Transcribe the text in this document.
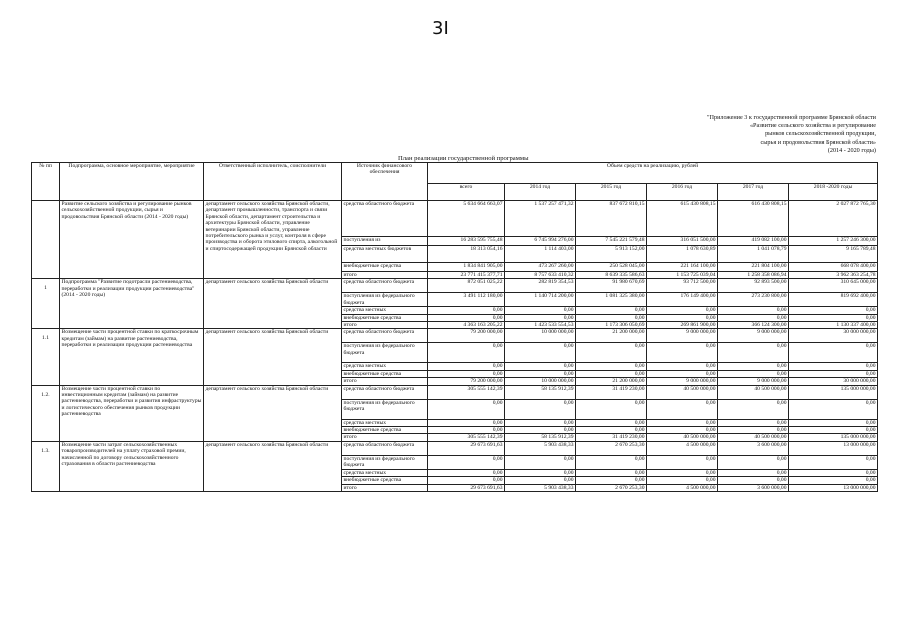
3I
"Приложение 3 к государственной программе Брянской области
«Развитие сельского хозяйства и регулирование
рынков сельскохозяйственной продукции,
сырья и продовольствия Брянской области»
(2014 - 2020 годы)
План реализации государственной программы
№ пп	Подпрограмма, основное мероприятие, мероприятие	Ответственный исполнитель, соисполнители	Источник финансового обеспечения	Объем средств на реализацию, рублей					
				всего	2014 год	2015 год	2016 год	2017 год	2018 -2020 годы
	Развитие сельского хозяйства и регулирование рынков сельскохозяйственной продукции, сырья и продовольствия Брянской области (2014 - 2020 годы)	департамент сельского хозяйства Брянской области, департамент промышленности, транспорта и связи Брянской области, департамент строительства и архитектуры Брянской области, управление ветеринарии Брянской области, управление потребительского рынка и услуг, контроля в сфере производства и оборота этилового спирта, алкогольной и спиртосодержащей продукции Брянской области	средства областного бюджета	5 634 664 663,07	1 537 257 471,32	837 672 810,15	615 430 808,15	616 430 808,15	2 027 872 765,30
			поступления из	16 283 595 755,48	6 745 994 276,00	7 545 221 579,48	316 051 500,00	419 082 100,00	1 257 246 300,00
			средства местных бюджетов	18 313 054,16	1 114 403,00	5 913 152,00	1 078 630,89	1 041 078,79	9 165 789,48
			внебюджетные средства	1 834 841 905,00	473 267 260,00	250 528 045,00	221 164 100,00	221 804 100,00	668 078 400,00
			итого	23 771 415 377,71	8 757 633 410,32	8 639 335 586,63	1 153 725 039,04	1 258 358 086,94	3 962 363 254,78
1	Подпрограмма "Развитие подотрасли растениеводства, переработки и реализации продукции растениеводства" (2014 - 2020 годы)	департамент сельского хозяйства Брянской области	средства областного бюджета	872 051 025,22	282 819 354,53	91 980 670,69	93 712 500,00	92 893 500,00	310 645 000,00
			поступления из федерального бюджета	3 491 112 180,00	1 140 714 200,00	1 081 325 380,00	176 149 400,00	273 230 800,00	819 692 400,00
			средства местных	0,00	0,00	0,00	0,00	0,00	0,00
			внебюджетные средства	0,00	0,00	0,00	0,00	0,00	0,00
			итого	4 363 163 205,22	1 423 533 554,53	1 173 306 050,69	269 861 900,00	366 124 300,00	1 130 337 400,00
1.1	Возмещение части процентной ставки по краткосрочным кредитам (займам) на развитие растениеводства, переработки и реализации продукции растениеводства	департамент сельского хозяйства Брянской области	средства областного бюджета	79 200 000,00	10 000 000,00	21 200 000,00	9 000 000,00	9 000 000,00	30 000 000,00
			поступления из федерального бюджета	0,00	0,00	0,00	0,00	0,00	0,00
			средства местных	0,00	0,00	0,00	0,00	0,00	0,00
			внебюджетные средства	0,00	0,00	0,00	0,00	0,00	0,00
			итого	79 200 000,00	10 000 000,00	21 200 000,00	9 000 000,00	9 000 000,00	30 000 000,00
1.2.	Возмещение части процентной ставки по инвестиционным кредитам (займам) на развитие растениеводства, переработки и развития инфраструктуры и логистического обеспечения рынков продукции растениеводства	департамент сельского хозяйства Брянской области	средства областного бюджета	305 555 142,39	58 135 912,39	31 419 230,00	40 500 000,00	40 500 000,00	135 000 000,00
			поступления из федерального бюджета	0,00	0,00	0,00	0,00	0,00	0,00
			средства местных	0,00	0,00	0,00	0,00	0,00	0,00
			внебюджетные средства	0,00	0,00	0,00	0,00	0,00	0,00
			итого	305 555 142,39	58 135 912,39	31 419 230,00	40 500 000,00	40 500 000,00	135 000 000,00
1.3.	Возмещение части затрат сельскохозяйственных товаропроизводителей на уплату страховой премии, начисленной по договору сельскохозяйственного страхования в области растениеводства	департамент сельского хозяйства Брянской области	средства областного бюджета	29 673 691,63	5 903 438,33	2 670 253,30	4 500 000,00	3 600 000,00	13 000 000,00
			поступления из федерального бюджета	0,00	0,00	0,00	0,00	0,00	0,00
			средства местных	0,00	0,00	0,00	0,00	0,00	0,00
			внебюджетные средства	0,00	0,00	0,00	0,00	0,00	0,00
			итого	29 673 691,63	5 903 438,33	2 670 253,30	4 500 000,00	3 600 000,00	13 000 000,00
